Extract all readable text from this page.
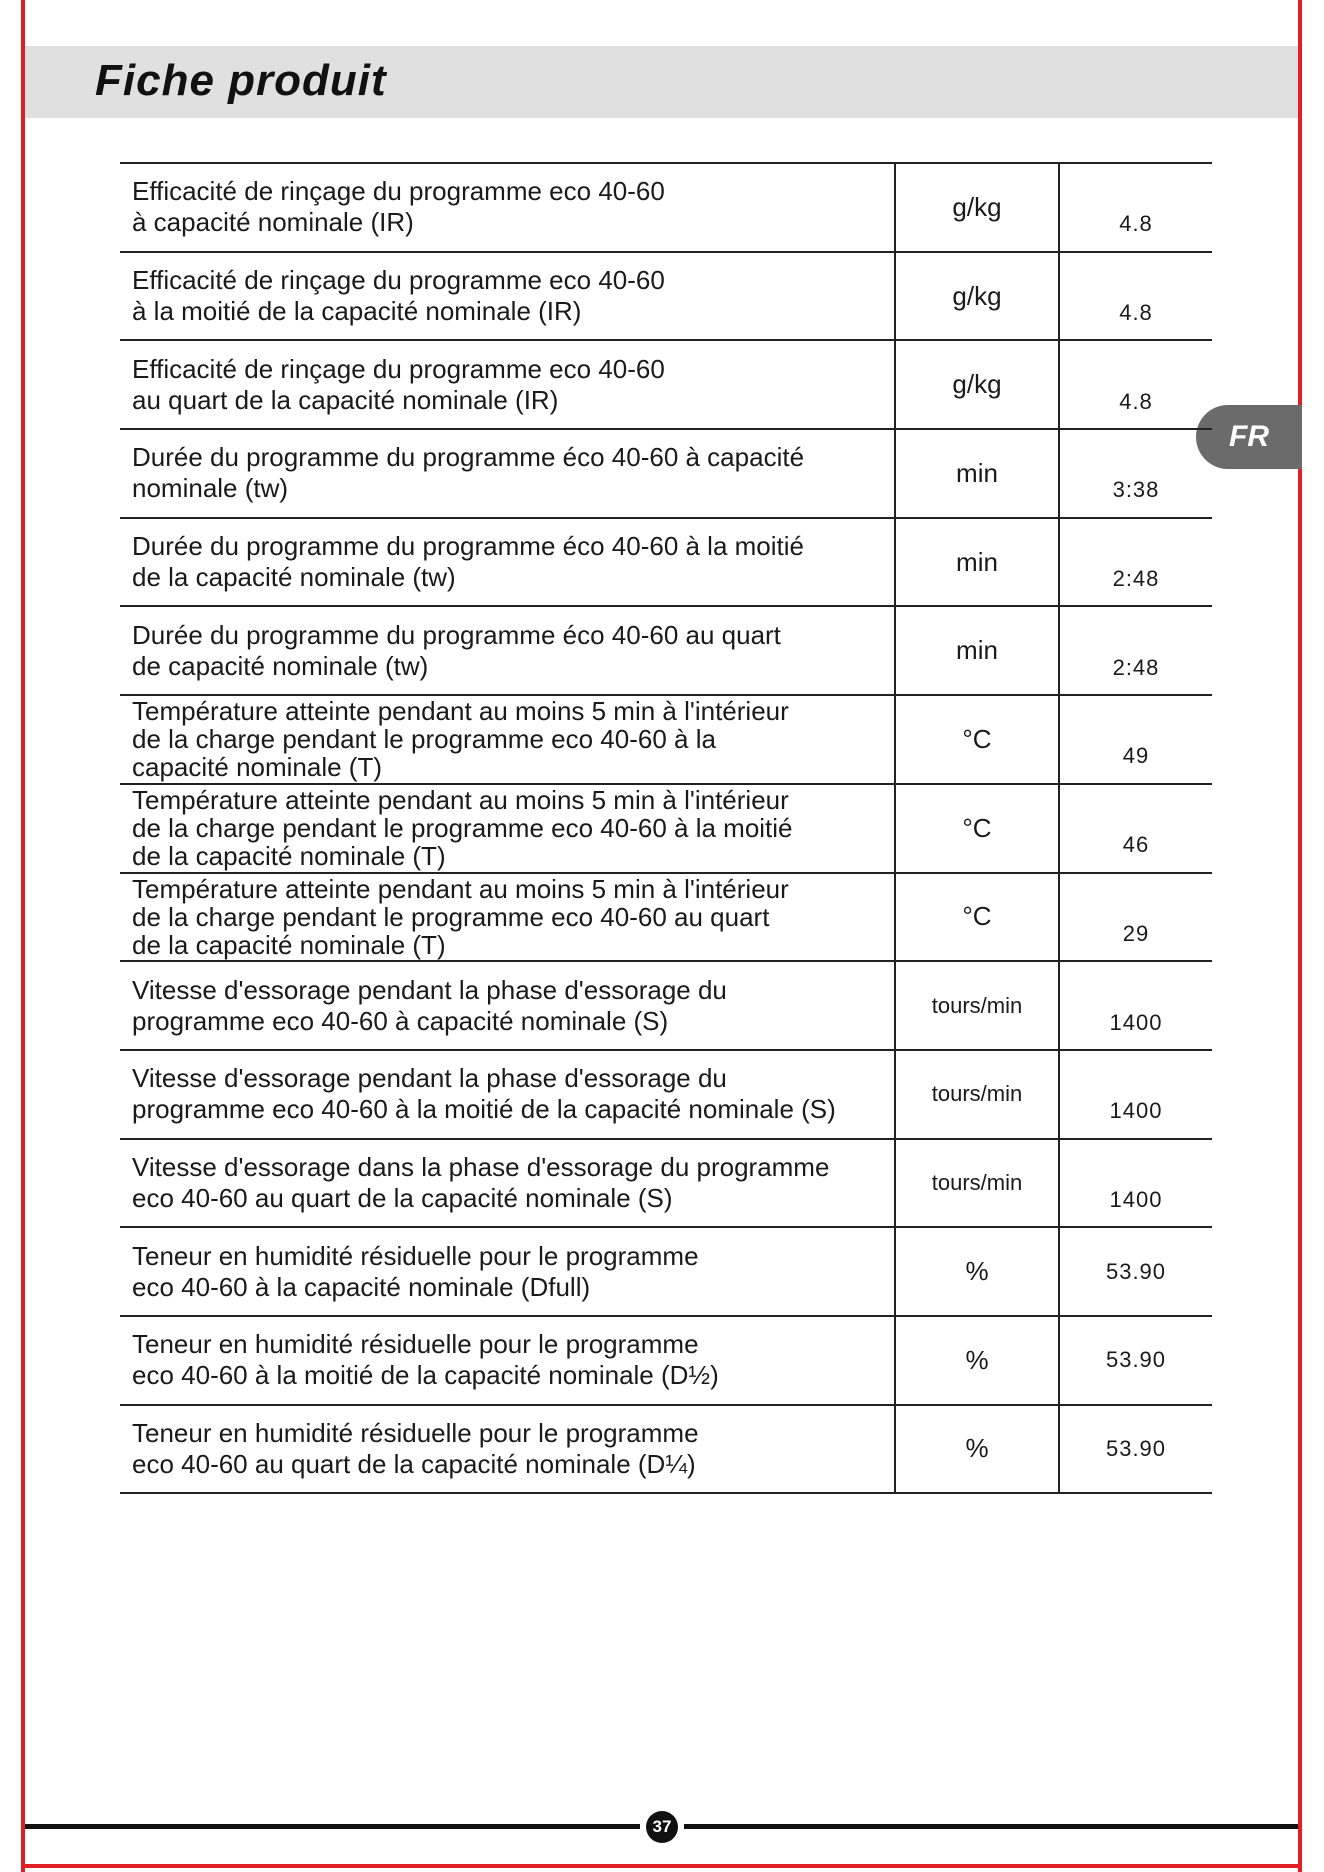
Fiche produit
FR
Efficacité de rinçage du programme eco 40-60
à capacité nominale (IR)	g/kg	4.8

Efficacité de rinçage du programme eco 40-60
à la moitié de la capacité nominale (IR)	g/kg	4.8

Efficacité de rinçage du programme eco 40-60
au quart de la capacité nominale (IR)	g/kg	4.8

Durée du programme du programme éco 40-60 à capacité
nominale (tw)	min	3:38

Durée du programme du programme éco 40-60 à la moitié
de la capacité nominale (tw)	min	2:48

Durée du programme du programme éco 40-60 au quart
de capacité nominale (tw)	min	2:48

Température atteinte pendant au moins 5 min à l'intérieur
de la charge pendant le programme eco 40-60 à la
capacité nominale (T)	°C	49

Température atteinte pendant au moins 5 min à l'intérieur
de la charge pendant le programme eco 40-60 à la moitié
de la capacité nominale (T)	°C	46

Température atteinte pendant au moins 5 min à l'intérieur
de la charge pendant le programme eco 40-60 au quart
de la capacité nominale (T)	°C	29

Vitesse d'essorage pendant la phase d'essorage du
programme eco 40-60 à capacité nominale (S)	tours/min	1400

Vitesse d'essorage pendant la phase d'essorage du
programme eco 40-60 à la moitié de la capacité nominale (S)	tours/min	1400

Vitesse d'essorage dans la phase d'essorage du programme
eco 40-60 au quart de la capacité nominale (S)	tours/min	1400

Teneur en humidité résiduelle pour le programme
eco 40-60 à la capacité nominale (Dfull)	%	53.90

Teneur en humidité résiduelle pour le programme
eco 40-60 à la moitié de la capacité nominale (D½)	%	53.90

Teneur en humidité résiduelle pour le programme
eco 40-60 au quart de la capacité nominale (D¼)	%	53.90
37
